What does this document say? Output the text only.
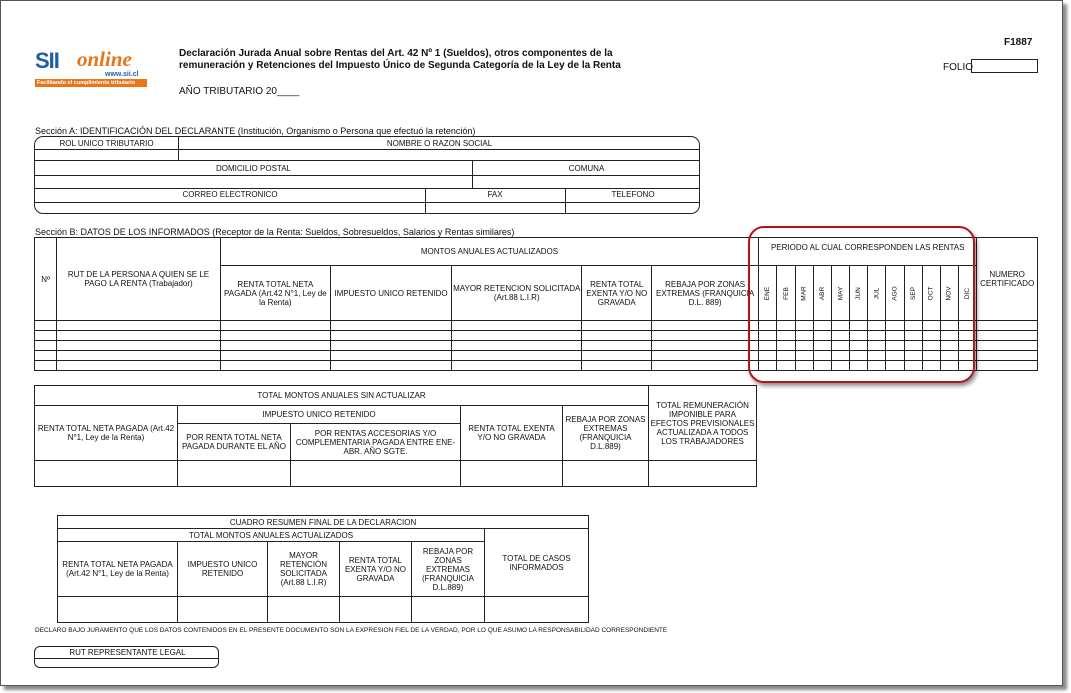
F1887
SII online
www.sii.cl
Facilitando el cumplimiento tributario
Declaración Jurada Anual sobre Rentas del Art. 42 Nº 1 (Sueldos), otros componentes de la
remuneración y Retenciones del Impuesto Único de Segunda Categoría de la Ley de la Renta	FOLIO
AÑO TRIBUTARIO 20____
Sección A: IDENTIFICACIÓN DEL DECLARANTE (Institución, Organismo o Persona que efectuó la retención)
ROL UNICO TRIBUTARIO	NOMBRE O RAZON SOCIAL
DOMICILIO POSTAL	COMUNA
CORREO ELECTRONICO	FAX	TELEFONO
Sección B: DATOS DE LOS INFORMADOS (Receptor de la Renta: Sueldos, Sobresueldos, Salarios y Rentas similares)
Nº	RUT DE LA PERSONA A QUIEN SE LE PAGO LA RENTA (Trabajador)	MONTOS ANUALES ACTUALIZADOS					PERIODO AL CUAL CORRESPONDEN LAS RENTAS												NUMERO CERTIFICADO
		RENTA TOTAL NETA PAGADA (Art.42 N°1, Ley de la Renta)	IMPUESTO UNICO RETENIDO	MAYOR RETENCION SOLICITADA (Art.88 L.I.R)	RENTA TOTAL EXENTA Y/O NO GRAVADA	REBAJA POR ZONAS EXTREMAS (FRANQUICIA D.L. 889)	ENE	FEB	MAR	ABR	MAY	JUN	JUL	AGO	SEP	OCT	NOV	DIC	

TOTAL MONTOS ANUALES SIN ACTUALIZAR					TOTAL REMUNERACIÓN IMPONIBLE PARA EFECTOS PREVISIONALES ACTUALIZADA A TODOS LOS TRABAJADORES
RENTA TOTAL NETA PAGADA (Art.42 N°1, Ley de la Renta)	IMPUESTO UNICO RETENIDO		RENTA TOTAL EXENTA Y/O NO GRAVADA	REBAJA POR ZONAS EXTREMAS (FRANQUICIA D.L.889)	
	POR RENTA TOTAL NETA PAGADA DURANTE EL AÑO	POR RENTAS ACCESORIAS Y/O COMPLEMENTARIA PAGADA ENTRE ENE-ABR. AÑO SGTE.			

CUADRO RESUMEN FINAL DE LA DECLARACION					
TOTAL MONTOS ANUALES ACTUALIZADOS					TOTAL DE CASOS INFORMADOS
RENTA TOTAL NETA PAGADA (Art.42 N°1, Ley de la Renta)	IMPUESTO UNICO RETENIDO	MAYOR RETENCIÓN SOLICITADA (Art.88 L.I.R)	RENTA TOTAL EXENTA Y/O NO GRAVADA	REBAJA POR ZONAS EXTREMAS (FRANQUICIA D.L.889)	

DECLARO BAJO JURAMENTO QUE LOS DATOS CONTENIDOS EN EL PRESENTE DOCUMENTO SON LA EXPRESION FIEL DE LA VERDAD, POR LO QUE ASUMO LA RESPONSABILIDAD CORRESPONDIENTE
RUT REPRESENTANTE LEGAL
